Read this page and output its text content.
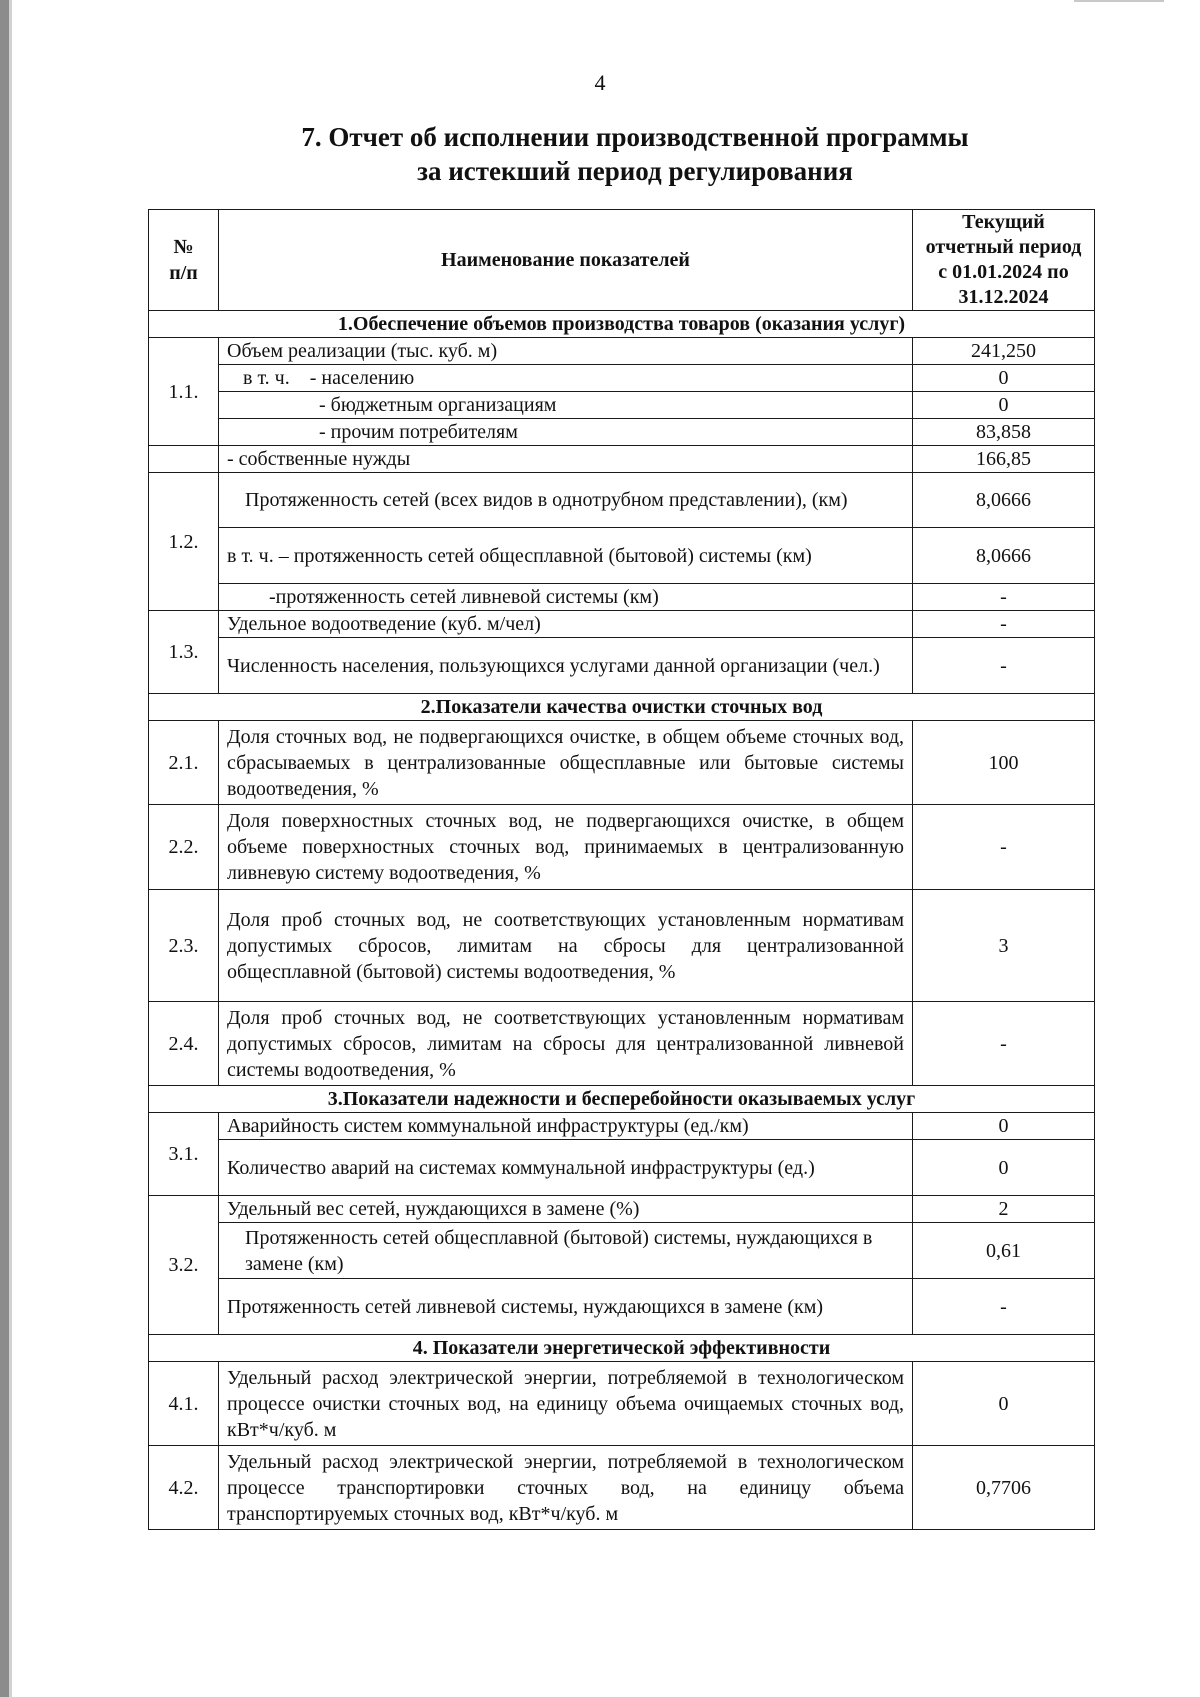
4
7. Отчет об исполнении производственной программы
за истекший период регулирования
№ п/п	Наименование показателей	Текущий отчетный период с 01.01.2024 по 31.12.2024
1.Обеспечение объемов производства товаров (оказания услуг)		
1.1.	Объем реализации (тыс. куб. м)	241,250
	в т. ч.    - населению	0
	- бюджетным организациям	0
	- прочим потребителям	83,858
	- собственные нужды	166,85
1.2.	Протяженность сетей (всех видов в однотрубном представлении), (км)	8,0666
	в т. ч. – протяженность сетей общесплавной (бытовой) системы (км)	8,0666
	-протяженность сетей ливневой системы (км)	-
1.3.	Удельное водоотведение (куб. м/чел)	-
	Численность населения, пользующихся услугами данной организации (чел.)	-
2.Показатели качества очистки сточных вод		
2.1.	Доля сточных вод, не подвергающихся очистке, в общем объеме сточных вод, сбрасываемых в централизованные общесплавные или бытовые системы водоотведения, %	100
2.2.	Доля поверхностных сточных вод, не подвергающихся очистке, в общем объеме поверхностных сточных вод, принимаемых в централизованную ливневую систему водоотведения, %	-
2.3.	Доля проб сточных вод, не соответствующих установленным нормативам допустимых сбросов, лимитам на сбросы для централизованной общесплавной (бытовой) системы водоотведения, %	3
2.4.	Доля проб сточных вод, не соответствующих установленным нормативам допустимых сбросов, лимитам на сбросы для централизованной ливневой системы водоотведения, %	-
3.Показатели надежности и бесперебойности оказываемых услуг		
3.1.	Аварийность систем коммунальной инфраструктуры (ед./км)	0
	Количество аварий на системах коммунальной инфраструктуры (ед.)	0
3.2.	Удельный вес сетей, нуждающихся в замене (%)	2
	Протяженность сетей общесплавной (бытовой) системы, нуждающихся в замене (км)	0,61
	Протяженность сетей ливневой системы, нуждающихся в замене (км)	-
4. Показатели энергетической эффективности		
4.1.	Удельный расход электрической энергии, потребляемой в технологическом процессе очистки сточных вод, на единицу объема очищаемых сточных вод, кВт*ч/куб. м	0
4.2.	Удельный расход электрической энергии, потребляемой в технологическом процессе транспортировки сточных вод, на единицу объема транспортируемых сточных вод, кВт*ч/куб. м	0,7706
